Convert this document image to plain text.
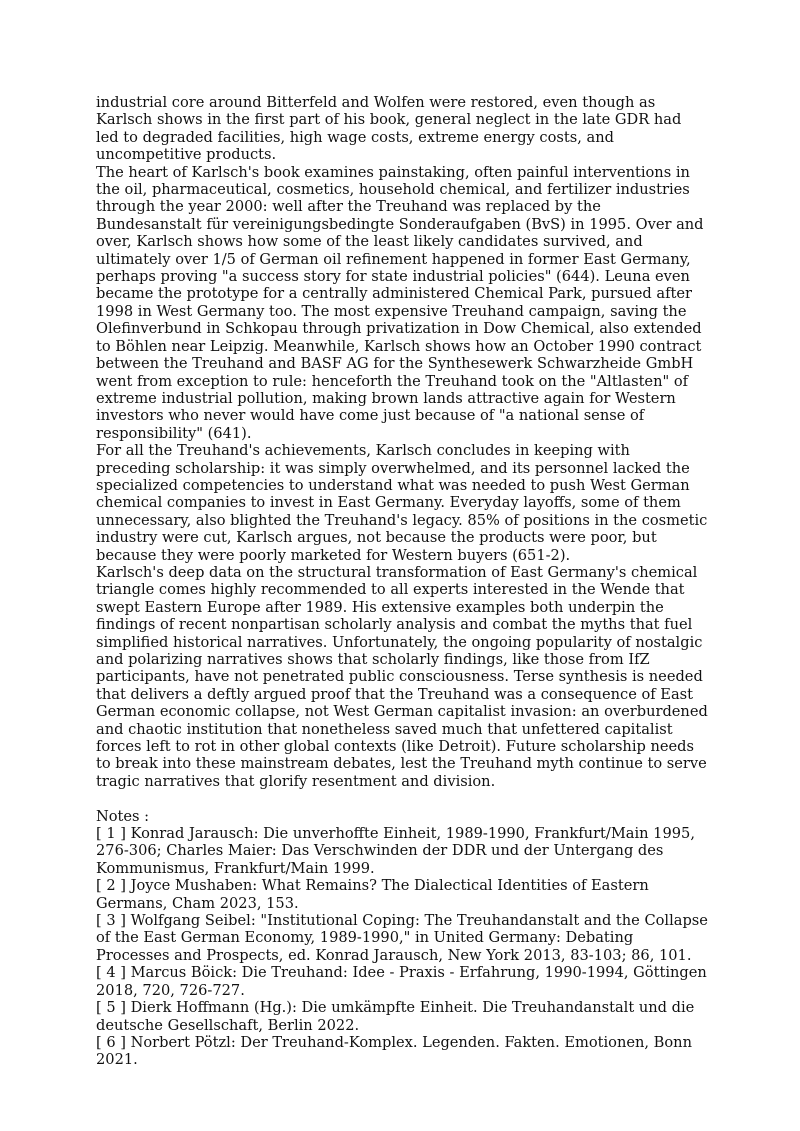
industrial core around Bitterfeld and Wolfen were restored, even though as Karlsch shows in the first part of his book, general neglect in the late GDR had led to degraded facilities, high wage costs, extreme energy costs, and uncompetitive products.

The heart of Karlsch's book examines painstaking, often painful interventions in the oil, pharmaceutical, cosmetics, household chemical, and fertilizer industries through the year 2000: well after the Treuhand was replaced by the Bundesanstalt für vereinigungsbedingte Sonderaufgaben (BvS) in 1995. Over and over, Karlsch shows how some of the least likely candidates survived, and ultimately over 1/5 of German oil refinement happened in former East Germany, perhaps proving "a success story for state industrial policies" (644). Leuna even became the prototype for a centrally administered Chemical Park, pursued after 1998 in West Germany too. The most expensive Treuhand campaign, saving the Olefinverbund in Schkopau through privatization in Dow Chemical, also extended to Böhlen near Leipzig. Meanwhile, Karlsch shows how an October 1990 contract between the Treuhand and BASF AG for the Synthesewerk Schwarzheide GmbH went from exception to rule: henceforth the Treuhand took on the "Altlasten" of extreme industrial pollution, making brown lands attractive again for Western investors who never would have come just because of "a national sense of responsibility" (641).

For all the Treuhand's achievements, Karlsch concludes in keeping with preceding scholarship: it was simply overwhelmed, and its personnel lacked the specialized competencies to understand what was needed to push West German chemical companies to invest in East Germany. Everyday layoffs, some of them unnecessary, also blighted the Treuhand's legacy. 85% of positions in the cosmetic industry were cut, Karlsch argues, not because the products were poor, but because they were poorly marketed for Western buyers (651-2).

Karlsch's deep data on the structural transformation of East Germany's chemical triangle comes highly recommended to all experts interested in the Wende that swept Eastern Europe after 1989. His extensive examples both underpin the findings of recent nonpartisan scholarly analysis and combat the myths that fuel simplified historical narratives. Unfortunately, the ongoing popularity of nostalgic and polarizing narratives shows that scholarly findings, like those from IfZ participants, have not penetrated public consciousness. Terse synthesis is needed that delivers a deftly argued proof that the Treuhand was a consequence of East German economic collapse, not West German capitalist invasion: an overburdened and chaotic institution that nonetheless saved much that unfettered capitalist forces left to rot in other global contexts (like Detroit). Future scholarship needs to break into these mainstream debates, lest the Treuhand myth continue to serve tragic narratives that glorify resentment and division.

Notes :

[ 1 ] Konrad Jarausch: Die unverhoffte Einheit, 1989-1990, Frankfurt/Main 1995, 276-306; Charles Maier: Das Verschwinden der DDR und der Untergang des Kommunismus, Frankfurt/Main 1999.

[ 2 ] Joyce Mushaben: What Remains? The Dialectical Identities of Eastern Germans, Cham 2023, 153.

[ 3 ] Wolfgang Seibel: "Institutional Coping: The Treuhandanstalt and the Collapse of the East German Economy, 1989-1990," in United Germany: Debating Processes and Prospects, ed. Konrad Jarausch, New York 2013, 83-103; 86, 101.

[ 4 ] Marcus Böick: Die Treuhand: Idee - Praxis - Erfahrung, 1990-1994, Göttingen 2018, 720, 726-727.

[ 5 ] Dierk Hoffmann (Hg.): Die umkämpfte Einheit. Die Treuhandanstalt und die deutsche Gesellschaft, Berlin 2022.

[ 6 ] Norbert Pötzl: Der Treuhand-Komplex. Legenden. Fakten. Emotionen, Bonn 2021.
